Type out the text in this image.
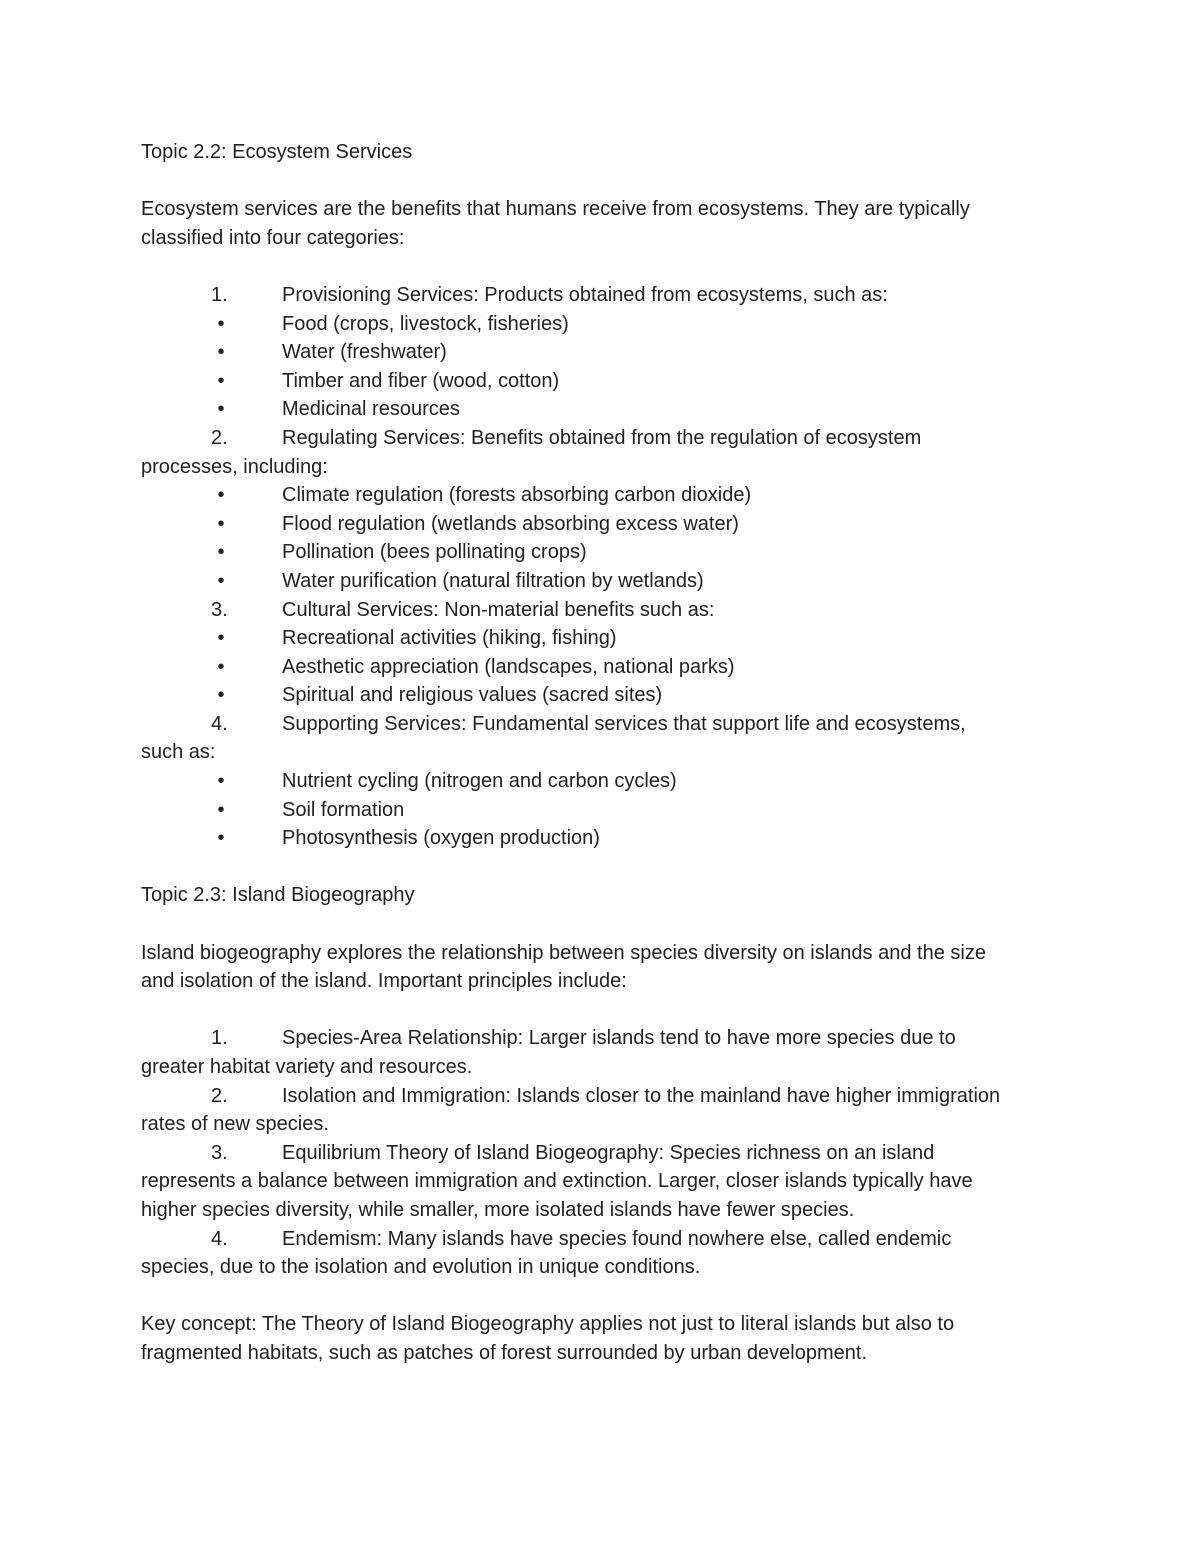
Topic 2.2: Ecosystem Services
Ecosystem services are the benefits that humans receive from ecosystems. They are typically
classified into four categories:
1.	Provisioning Services: Products obtained from ecosystems, such as:
•	Food (crops, livestock, fisheries)
•	Water (freshwater)
•	Timber and fiber (wood, cotton)
•	Medicinal resources
2.	Regulating Services: Benefits obtained from the regulation of ecosystem
processes, including:
•	Climate regulation (forests absorbing carbon dioxide)
•	Flood regulation (wetlands absorbing excess water)
•	Pollination (bees pollinating crops)
•	Water purification (natural filtration by wetlands)
3.	Cultural Services: Non-material benefits such as:
•	Recreational activities (hiking, fishing)
•	Aesthetic appreciation (landscapes, national parks)
•	Spiritual and religious values (sacred sites)
4.	Supporting Services: Fundamental services that support life and ecosystems,
such as:
•	Nutrient cycling (nitrogen and carbon cycles)
•	Soil formation
•	Photosynthesis (oxygen production)
Topic 2.3: Island Biogeography
Island biogeography explores the relationship between species diversity on islands and the size
and isolation of the island. Important principles include:
1.	Species-Area Relationship: Larger islands tend to have more species due to
greater habitat variety and resources.
2.	Isolation and Immigration: Islands closer to the mainland have higher immigration
rates of new species.
3.	Equilibrium Theory of Island Biogeography: Species richness on an island
represents a balance between immigration and extinction. Larger, closer islands typically have
higher species diversity, while smaller, more isolated islands have fewer species.
4.	Endemism: Many islands have species found nowhere else, called endemic
species, due to the isolation and evolution in unique conditions.
Key concept: The Theory of Island Biogeography applies not just to literal islands but also to
fragmented habitats, such as patches of forest surrounded by urban development.
